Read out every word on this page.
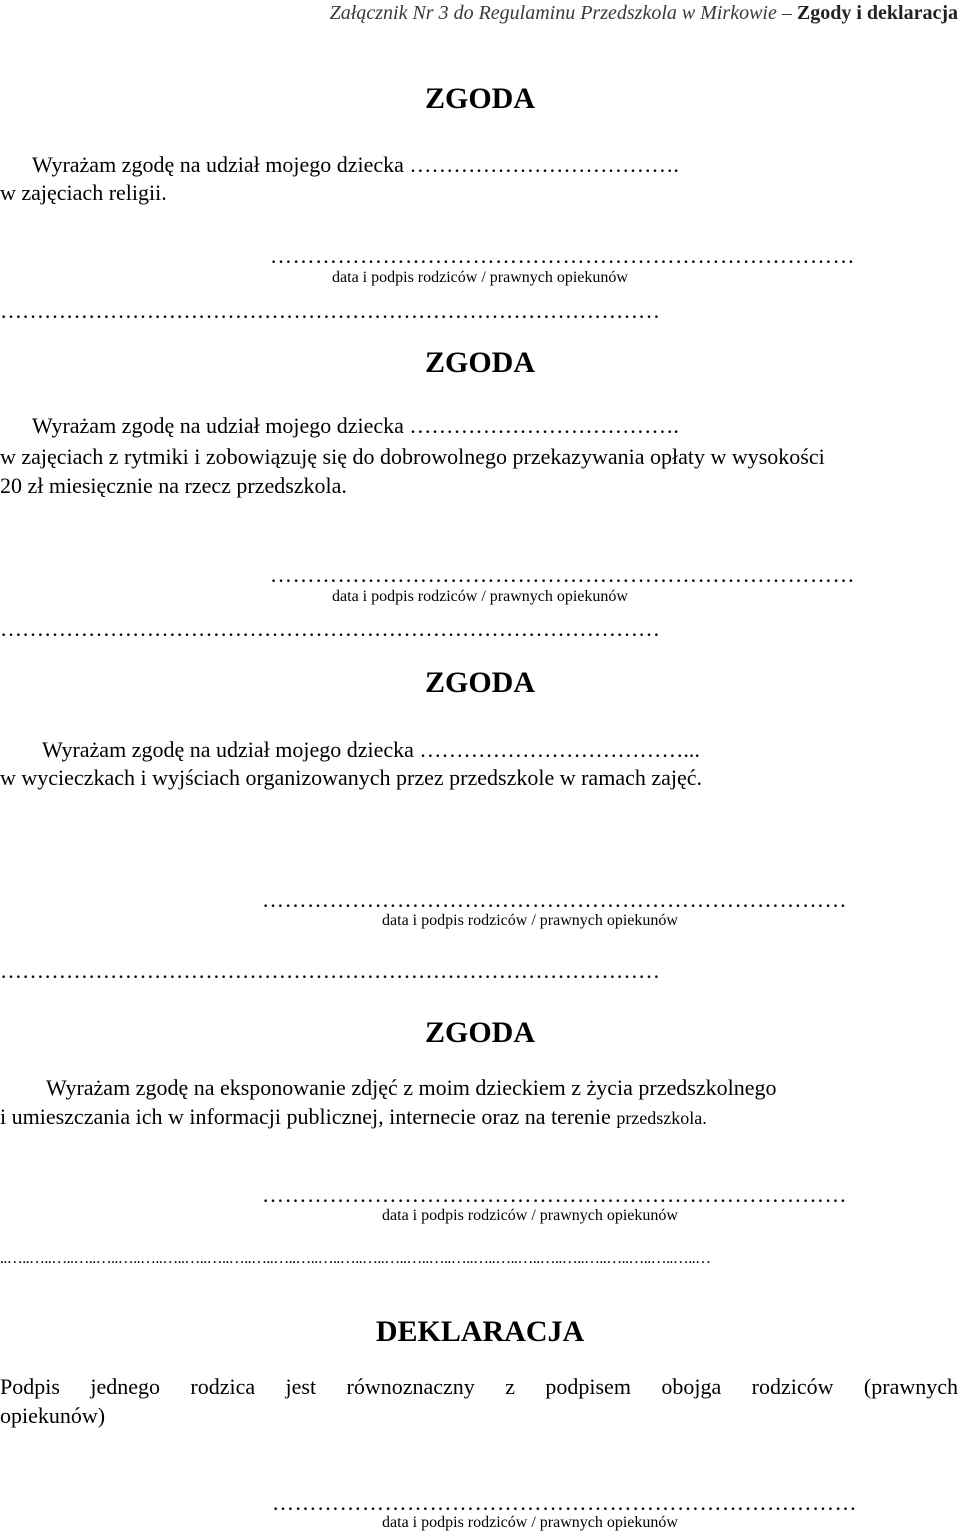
Załącznik Nr 3 do Regulaminu Przedszkola w Mirkowie – Zgody i deklaracja
ZGODA
Wyrażam zgodę na udział mojego dziecka ……………………………….
w zajęciach religii.
……………………………………………………………………
data i podpis rodziców / prawnych opiekunów
………………………………………………………………………………
ZGODA
Wyrażam zgodę na udział mojego dziecka ……………………………….
w zajęciach z rytmiki i zobowiązuję się do dobrowolnego przekazywania opłaty w wysokości
20 zł miesięcznie na rzecz przedszkola.
……………………………………………………………………
data i podpis rodziców / prawnych opiekunów
………………………………………………………………………………
ZGODA
Wyrażam zgodę na udział mojego dziecka ………………………………...
w wycieczkach i wyjściach organizowanych przez przedszkole w ramach zajęć.
……………………………………………………………………
data i podpis rodziców / prawnych opiekunów
………………………………………………………………………………
ZGODA
Wyrażam zgodę na eksponowanie zdjęć z moim dzieckiem z życia przedszkolnego
i umieszczania ich w informacji publicznej, internecie oraz na terenie przedszkola.
……………………………………………………………………
data i podpis rodziców / prawnych opiekunów
..…..…..…..…..…..…..…..…..…..…..…..…..…..…..…..…..…..…..…..…..…..…..…..…..…..…..…..…..…..…..…..…
DEKLARACJA
Podpis jednego rodzica jest równoznaczny z podpisem obojga rodziców (prawnych
opiekunów)
……………………………………………………………………
data i podpis rodziców / prawnych opiekunów
